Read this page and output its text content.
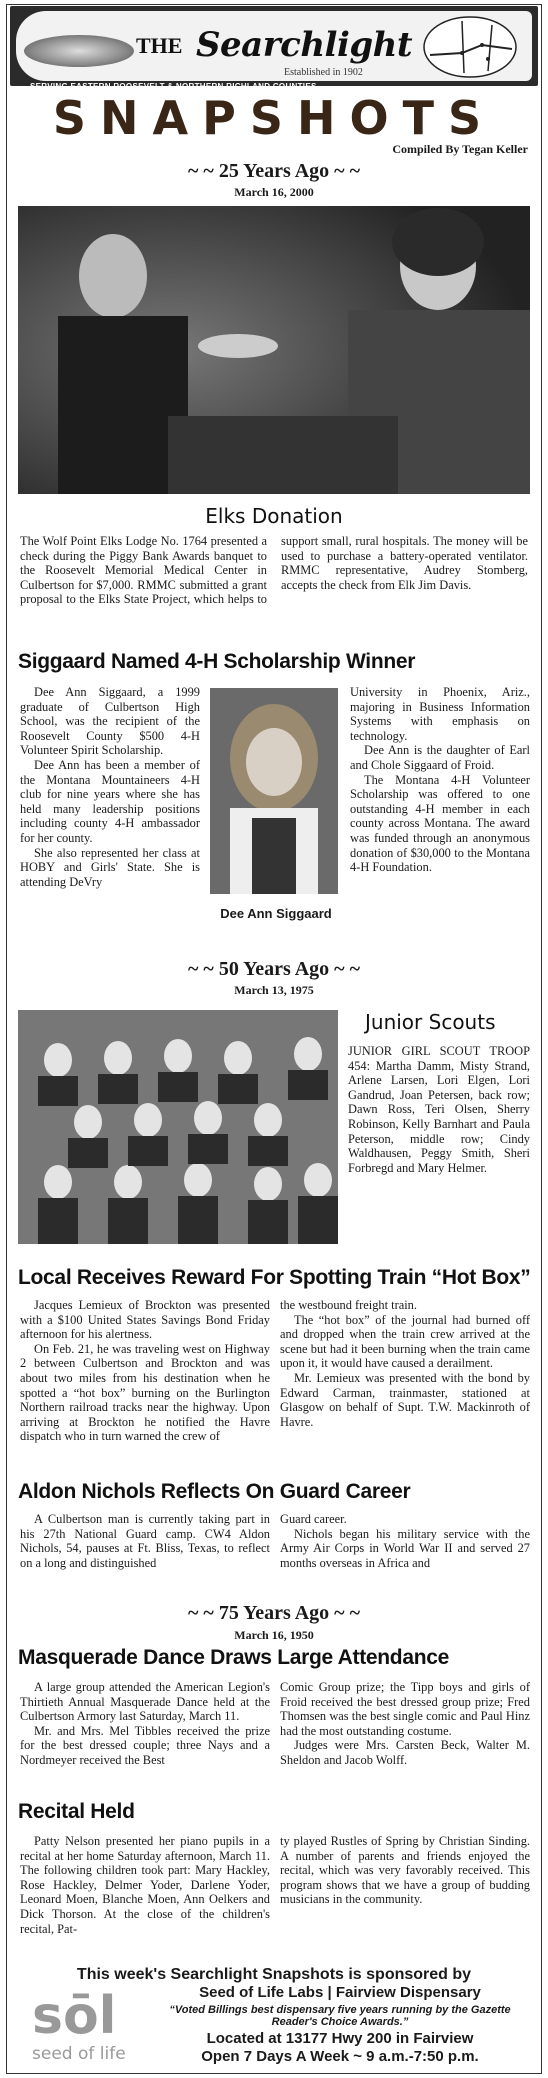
THE Searchlight
Established in 1902
SERVING EASTERN ROOSEVELT & NORTHERN RICHLAND COUNTIES
SNAPSHOTS
Compiled By Tegan Keller
~ ~ 25 Years Ago ~ ~
March 16, 2000
Elks Donation

The Wolf Point Elks Lodge No. 1764 presented a check during the Piggy Bank Awards banquet to the Roosevelt Memorial Medical Center in Culbertson for $7,000. RMMC submitted a grant proposal to the Elks State Project, which helps to support small, rural hospitals. The money will be used to purchase a battery-operated ventilator. RMMC representative, Audrey Stomberg, accepts the check from Elk Jim Davis.

Siggaard Named 4-H Scholarship Winner

Dee Ann Siggaard, a 1999 graduate of Culbertson High School, was the recipient of the Roosevelt County $500 4-H Volunteer Spirit Scholarship.

Dee Ann has been a member of the Montana Mountaineers 4-H club for nine years where she has held many leadership positions including county 4-H ambassador for her county.

She also represented her class at HOBY and Girls' State. She is attending DeVry

Dee Ann Siggaard

University in Phoenix, Ariz., majoring in Business Information Systems with emphasis on technology.

Dee Ann is the daughter of Earl and Chole Siggaard of Froid.

The Montana 4-H Volunteer Scholarship was offered to one outstanding 4-H member in each county across Montana. The award was funded through an anonymous donation of $30,000 to the Montana 4-H Foundation.

~ ~ 50 Years Ago ~ ~
March 13, 1975
Junior Scouts
JUNIOR GIRL SCOUT TROOP 454: Martha Damm, Misty Strand, Arlene Larsen, Lori Elgen, Lori Gandrud, Joan Petersen, back row; Dawn Ross, Teri Olsen, Sherry Robinson, Kelly Barnhart and Paula Peterson, middle row; Cindy Waldhausen, Peggy Smith, Sheri Forbregd and Mary Helmer.
Local Receives Reward For Spotting Train “Hot Box”

Jacques Lemieux of Brockton was presented with a $100 United States Savings Bond Friday afternoon for his alertness.

On Feb. 21, he was traveling west on Highway 2 between Culbertson and Brockton and was about two miles from his destination when he spotted a “hot box” burning on the Burlington Northern railroad tracks near the highway. Upon arriving at Brockton he notified the Havre dispatch who in turn warned the crew of

the westbound freight train.

The “hot box” of the journal had burned off and dropped when the train crew arrived at the scene but had it been burning when the train came upon it, it would have caused a derailment.

Mr. Lemieux was presented with the bond by Edward Carman, trainmaster, stationed at Glasgow on behalf of Supt. T.W. Mackinroth of Havre.

Aldon Nichols Reflects On Guard Career

A Culbertson man is currently taking part in his 27th National Guard camp. CW4 Aldon Nichols, 54, pauses at Ft. Bliss, Texas, to reflect on a long and distinguished

Guard career.

Nichols began his military service with the Army Air Corps in World War II and served 27 months overseas in Africa and

~ ~ 75 Years Ago ~ ~
March 16, 1950
Masquerade Dance Draws Large Attendance

A large group attended the American Legion's Thirtieth Annual Masquerade Dance held at the Culbertson Armory last Saturday, March 11.

Mr. and Mrs. Mel Tibbles received the prize for the best dressed couple; three Nays and a Nordmeyer received the Best

Comic Group prize; the Tipp boys and girls of Froid received the best dressed group prize; Fred Thomsen was the best single comic and Paul Hinz had the most outstanding costume.

Judges were Mrs. Carsten Beck, Walter M. Sheldon and Jacob Wolff.

Recital Held

Patty Nelson presented her piano pupils in a recital at her home Saturday afternoon, March 11. The following children took part: Mary Hackley, Rose Hackley, Delmer Yoder, Darlene Yoder, Leonard Moen, Blanche Moen, Ann Oelkers and Dick Thorson. At the close of the children's recital, Pat-

ty played Rustles of Spring by Christian Sinding. A number of parents and friends enjoyed the recital, which was very favorably received. This program shows that we have a group of budding musicians in the community.

This week's Searchlight Snapshots is sponsored by
sōl
seed of life
Seed of Life Labs | Fairview Dispensary
“Voted Billings best dispensary five years running by the Gazette Reader's Choice Awards.”
Located at 13177 Hwy 200 in Fairview
Open 7 Days A Week ~ 9 a.m.-7:50 p.m.
